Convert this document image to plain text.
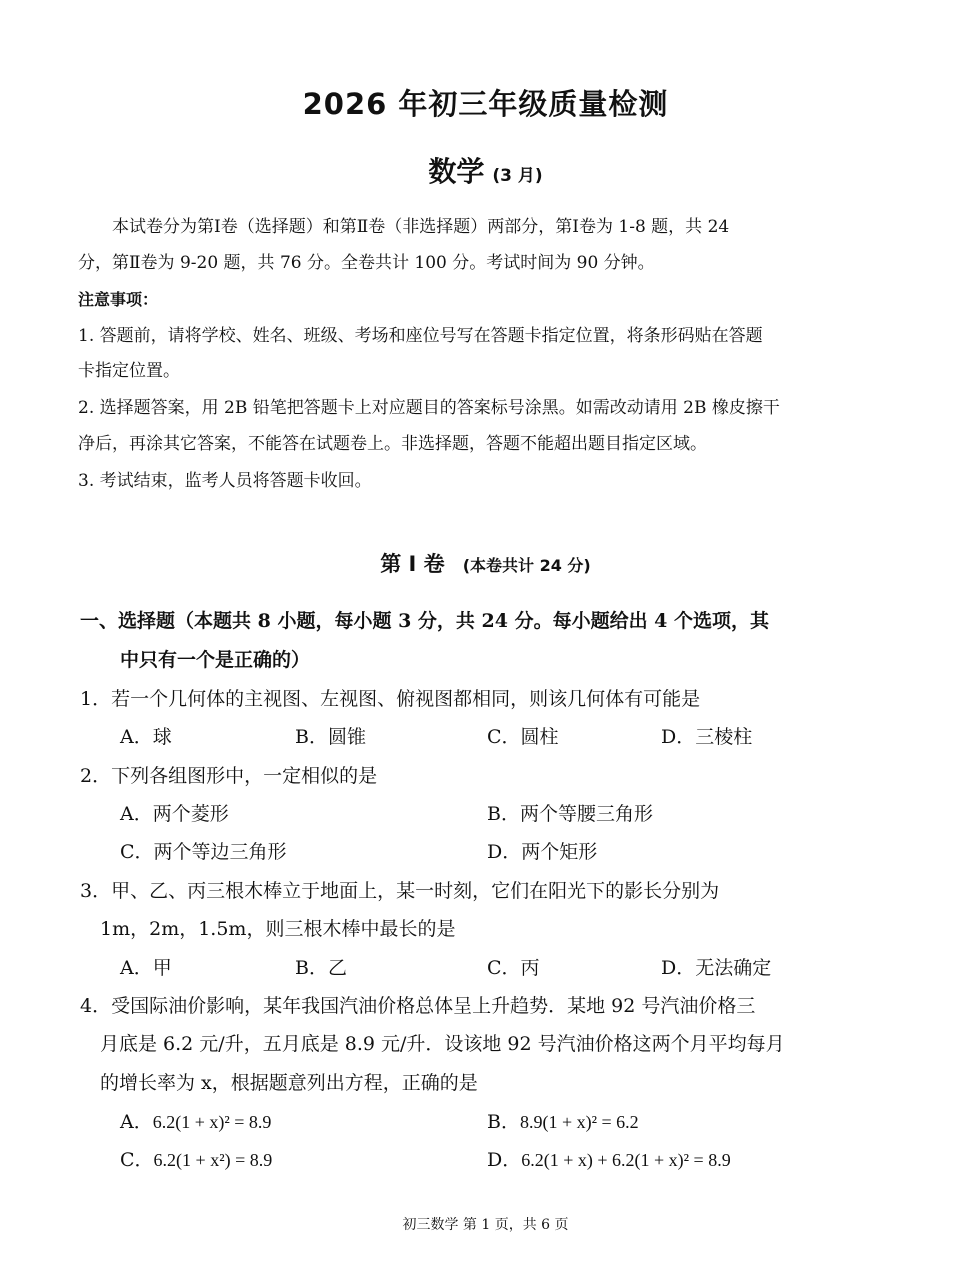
2026 年初三年级质量检测
数学 (3 月)
本试卷分为第Ⅰ卷（选择题）和第Ⅱ卷（非选择题）两部分，第Ⅰ卷为 1-8 题，共 24
分，第Ⅱ卷为 9-20 题，共 76 分。全卷共计 100 分。考试时间为 90 分钟。
注意事项：
1. 答题前，请将学校、姓名、班级、考场和座位号写在答题卡指定位置，将条形码贴在答题
卡指定位置。
2. 选择题答案，用 2B 铅笔把答题卡上对应题目的答案标号涂黑。如需改动请用 2B 橡皮擦干
净后，再涂其它答案，不能答在试题卷上。非选择题，答题不能超出题目指定区域。
3. 考试结束，监考人员将答题卡收回。
第 Ⅰ 卷 (本卷共计 24 分)
一、选择题（本题共 8 小题，每小题 3 分，共 24 分。每小题给出 4 个选项，其
中只有一个是正确的）
1．若一个几何体的主视图、左视图、俯视图都相同，则该几何体有可能是
A．球	B．圆锥	C．圆柱	D．三棱柱
2．下列各组图形中，一定相似的是
A．两个菱形	B．两个等腰三角形
C．两个等边三角形	D．两个矩形
3．甲、乙、丙三根木棒立于地面上，某一时刻，它们在阳光下的影长分别为
1m，2m，1.5m，则三根木棒中最长的是
A．甲	B．乙	C．丙	D．无法确定
4．受国际油价影响，某年我国汽油价格总体呈上升趋势．某地 92 号汽油价格三
月底是 6.2 元/升，五月底是 8.9 元/升．设该地 92 号汽油价格这两个月平均每月
的增长率为 x，根据题意列出方程，正确的是
A．6.2(1 + x)² = 8.9	B．8.9(1 + x)² = 6.2
C．6.2(1 + x²) = 8.9	D．6.2(1 + x) + 6.2(1 + x)² = 8.9
初三数学 第 1 页，共 6 页
